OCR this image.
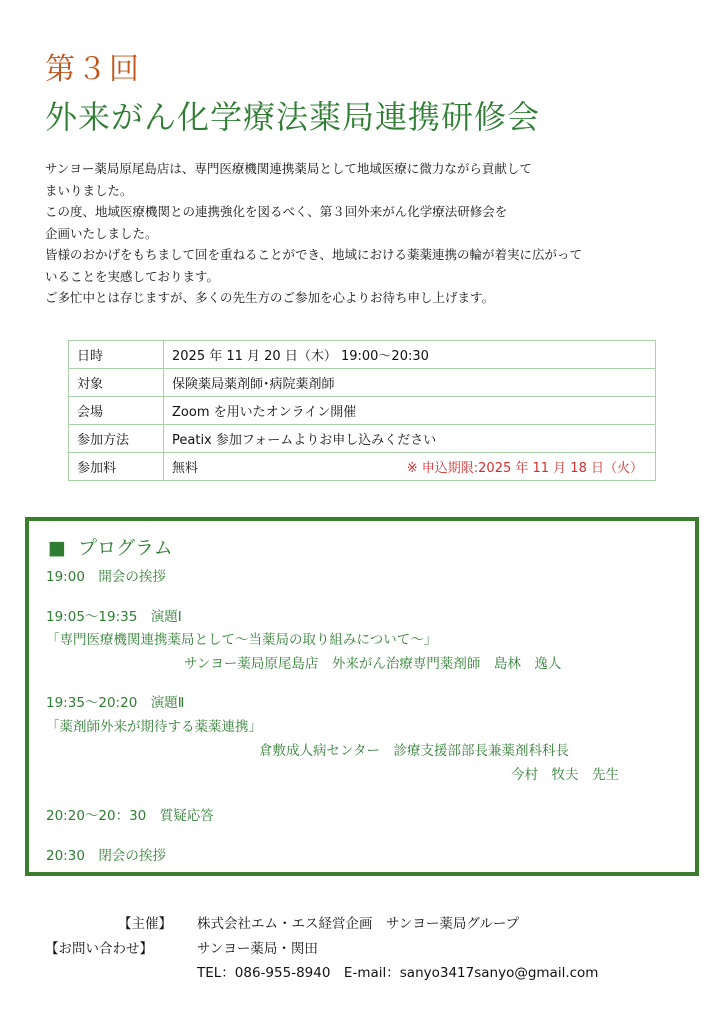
第３回
外来がん化学療法薬局連携研修会
サンヨー薬局原尾島店は、専門医療機関連携薬局として地域医療に微力ながら貢献して
まいりました。
この度、地域医療機関との連携強化を図るべく、第３回外来がん化学療法研修会を
企画いたしました。
皆様のおかげをもちまして回を重ねることができ、地域における薬薬連携の輪が着実に広がって
いることを実感しております。
ご多忙中とは存じますが、多くの先生方のご参加を心よりお待ち申し上げます。
日時	2025 年 11 月 20 日（木） 19:00～20:30
対象	保険薬局薬剤師･病院薬剤師
会場	Zoom を用いたオンライン開催
参加方法	Peatix 参加フォームよりお申し込みください
参加料	無料 ※ 申込期限:2025 年 11 月 18 日（火）
■ プログラム
19:00　開会の挨拶
19:05～19:35　演題Ⅰ
「専門医療機関連携薬局として～当薬局の取り組みについて～」
サンヨー薬局原尾島店　外来がん治療専門薬剤師　島林　逸人
19:35～20:20　演題Ⅱ
「薬剤師外来が期待する薬薬連携」
倉敷成人病センター　診療支援部部長兼薬剤科科長
今村　牧夫　先生
20:20～20：30　質疑応答
20:30　閉会の挨拶
【主催】 株式会社エム・エス経営企画　サンヨー薬局グループ
【お問い合わせ】	サンヨー薬局・関田
TEL：086-955-8940　E-mail：sanyo3417sanyo@gmail.com
